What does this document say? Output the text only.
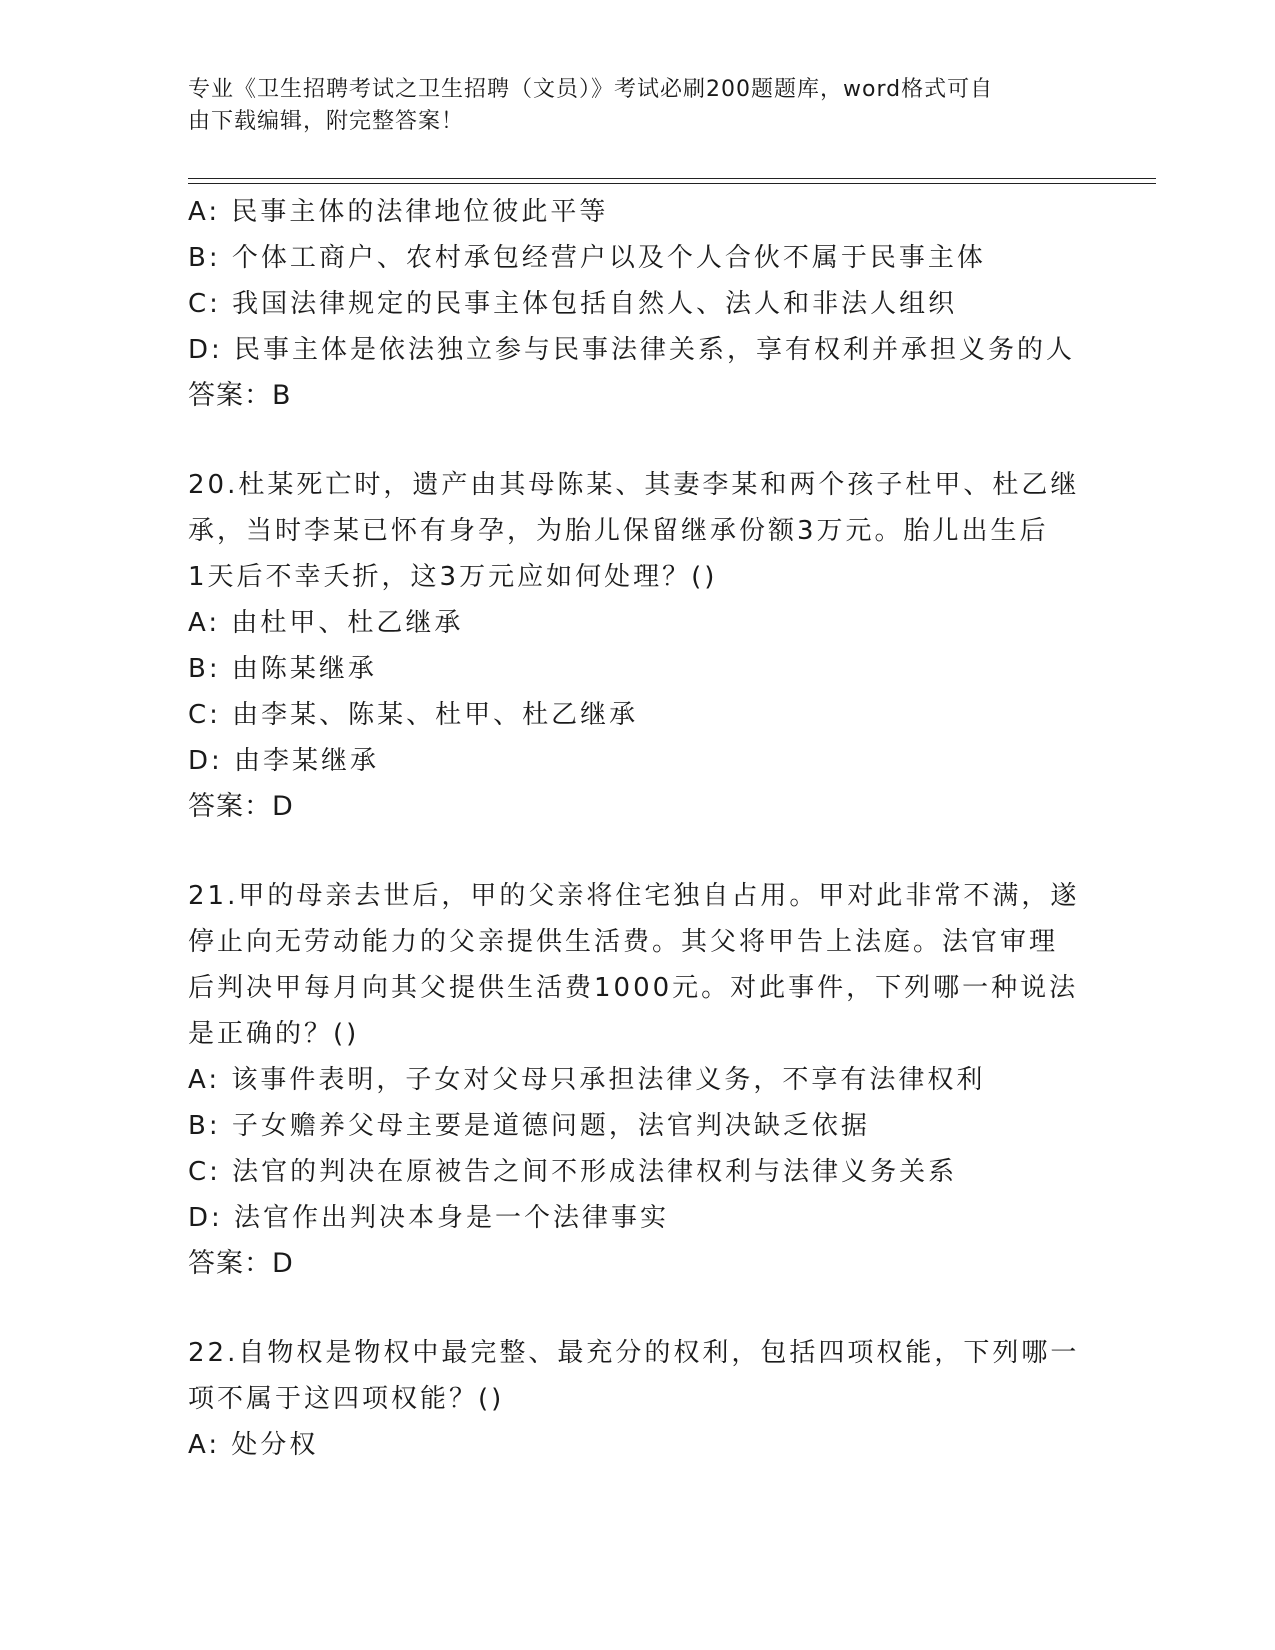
专业《卫生招聘考试之卫生招聘（文员）》考试必刷200题题库，word格式可自
由下载编辑，附完整答案！
A: 民事主体的法律地位彼此平等
B: 个体工商户、农村承包经营户以及个人合伙不属于民事主体
C: 我国法律规定的民事主体包括自然人、法人和非法人组织
D: 民事主体是依法独立参与民事法律关系，享有权利并承担义务的人
答案：B
20.杜某死亡时，遗产由其母陈某、其妻李某和两个孩子杜甲、杜乙继
承，当时李某已怀有身孕，为胎儿保留继承份额3万元。胎儿出生后
1天后不幸夭折，这3万元应如何处理？()
A: 由杜甲、杜乙继承
B: 由陈某继承
C: 由李某、陈某、杜甲、杜乙继承
D: 由李某继承
答案：D
21.甲的母亲去世后，甲的父亲将住宅独自占用。甲对此非常不满，遂
停止向无劳动能力的父亲提供生活费。其父将甲告上法庭。法官审理
后判决甲每月向其父提供生活费1000元。对此事件，下列哪一种说法
是正确的？()
A: 该事件表明，子女对父母只承担法律义务，不享有法律权利
B: 子女赡养父母主要是道德问题，法官判决缺乏依据
C: 法官的判决在原被告之间不形成法律权利与法律义务关系
D: 法官作出判决本身是一个法律事实
答案：D
22.自物权是物权中最完整、最充分的权利，包括四项权能，下列哪一
项不属于这四项权能？()
A: 处分权
